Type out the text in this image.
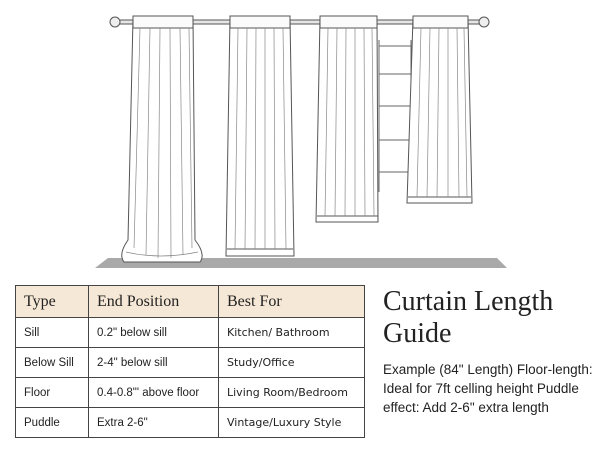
Type	End Position	Best For
Sill	0.2" below sill	Kitchen/ Bathroom
Below Sill	2-4" below sill	Study/Office
Floor	0.4-0.8"' above floor	Living Room/Bedroom
Puddle	Extra 2-6"	Vintage/Luxury Style
Curtain Length Guide
Example (84" Length) Floor-length: Ideal for 7ft celling height Puddle effect: Add 2-6" extra length
